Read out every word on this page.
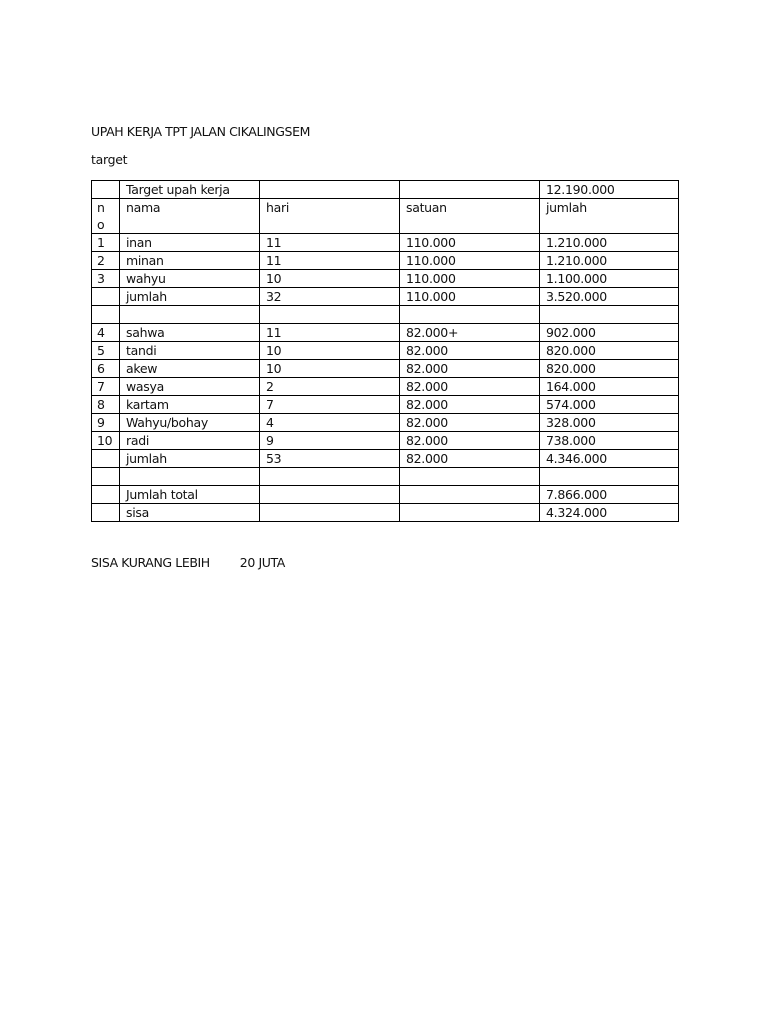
UPAH KERJA TPT JALAN CIKALINGSEM
target
	Target upah kerja			12.190.000

no	nama	hari	satuan	jumlah
1	inan	11	110.000	1.210.000
2	minan	11	110.000	1.210.000
3	wahyu	10	110.000	1.100.000
	jumlah	32	110.000	3.520.000

4	sahwa	11	82.000+	902.000
5	tandi	10	82.000	820.000
6	akew	10	82.000	820.000
7	wasya	2	82.000	164.000
8	kartam	7	82.000	574.000
9	Wahyu/bohay	4	82.000	328.000
10	radi	9	82.000	738.000
	jumlah	53	82.000	4.346.000

	Jumlah total			7.866.000
	sisa			4.324.000
SISA KURANG LEBIH 20 JUTA
